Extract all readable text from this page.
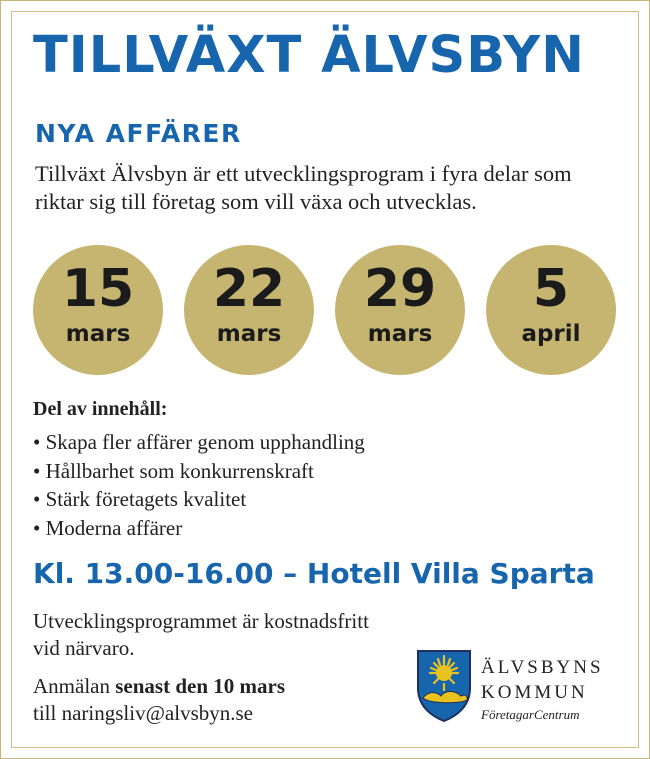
TILLVÄXT ÄLVSBYN
NYA AFFÄRER

Tillväxt Älvsbyn är ett utvecklingsprogram i fyra delar som riktar sig till företag som vill växa och utvecklas.

15
mars
22
mars
29
mars
5
april

Del av innehåll:

• Skapa fler affärer genom upphandling
• Hållbarhet som konkurrenskraft
• Stärk företagets kvalitet
• Moderna affärer

Kl. 13.00-16.00 – Hotell Villa Sparta

Utvecklingsprogrammet är kostnadsfritt vid närvaro.

Anmälan senast den 10 mars
till naringsliv@alvsbyn.se

ÄLVSBYNS

KOMMUN

FöretagarCentrum
